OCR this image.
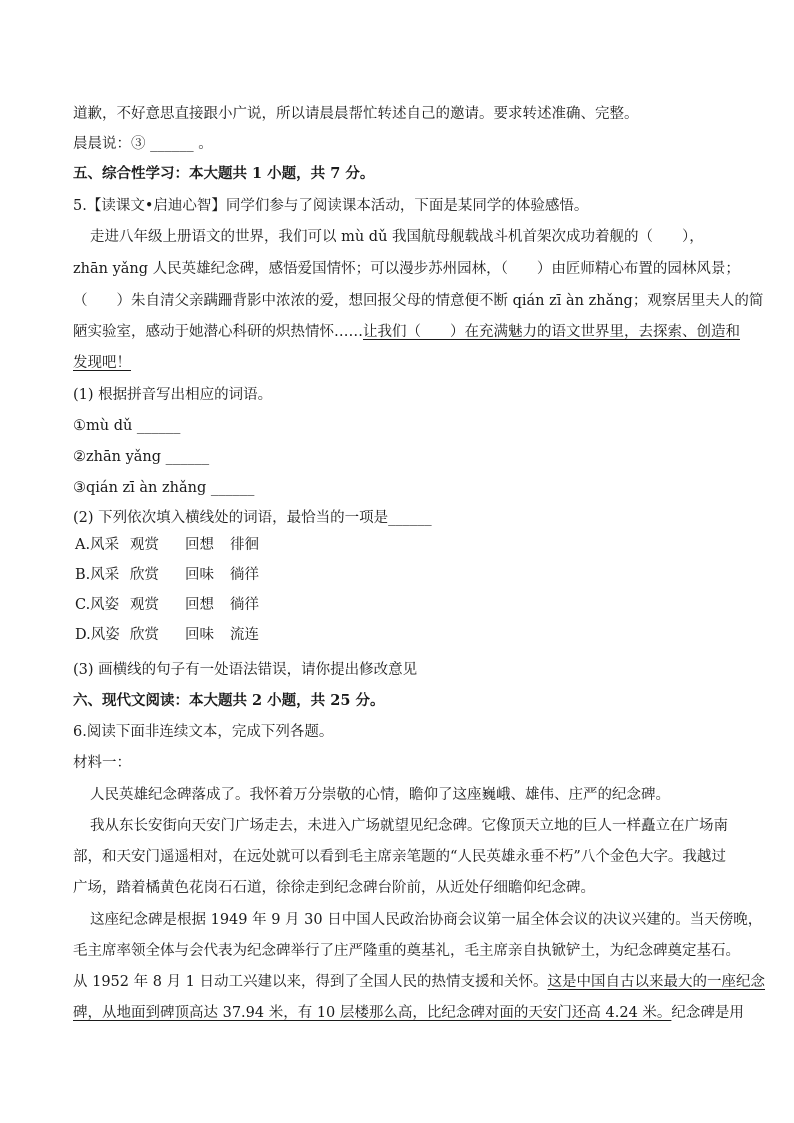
道歉，不好意思直接跟小广说，所以请晨晨帮忙转述自己的邀请。要求转述准确、完整。
晨晨说：③ ______ 。
五、综合性学习：本大题共 1 小题，共 7 分。
5.【读课文•启迪心智】同学们参与了阅读课本活动，下面是某同学的体验感悟。
走进八年级上册语文的世界，我们可以 mù dǔ 我国航母舰载战斗机首架次成功着舰的（　　），
zhān yǎng 人民英雄纪念碑，感悟爱国情怀；可以漫步苏州园林，（　　）由匠师精心布置的园林风景；
（　　）朱自清父亲蹒跚背影中浓浓的爱，想回报父母的情意便不断 qián zī àn zhǎng；观察居里夫人的简
陋实验室，感动于她潜心科研的炽热情怀……让我们（　　）在充满魅力的语文世界里，去探索、创造和
发现吧！
(1) 根据拼音写出相应的词语。
①mù dǔ ______
②zhān yǎng ______
③qián zī àn zhǎng ______
(2) 下列依次填入横线处的词语，最恰当的一项是______
A.风采 观赏 回想 徘徊
B.风采 欣赏 回味 徜徉
C.风姿 观赏 回想 徜徉
D.风姿 欣赏 回味 流连
(3) 画横线的句子有一处语法错误，请你提出修改意见
六、现代文阅读：本大题共 2 小题，共 25 分。
6.阅读下面非连续文本，完成下列各题。
材料一：
人民英雄纪念碑落成了。我怀着万分崇敬的心情，瞻仰了这座巍峨、雄伟、庄严的纪念碑。
我从东长安街向天安门广场走去，未进入广场就望见纪念碑。它像顶天立地的巨人一样矗立在广场南
部，和天安门遥遥相对，在远处就可以看到毛主席亲笔题的“人民英雄永垂不朽”八个金色大字。我越过
广场，踏着橘黄色花岗石石道，徐徐走到纪念碑台阶前，从近处仔细瞻仰纪念碑。
这座纪念碑是根据 1949 年 9 月 30 日中国人民政治协商会议第一届全体会议的决议兴建的。当天傍晚，
毛主席率领全体与会代表为纪念碑举行了庄严隆重的奠基礼，毛主席亲自执锨铲土，为纪念碑奠定基石。
从 1952 年 8 月 1 日动工兴建以来，得到了全国人民的热情支援和关怀。这是中国自古以来最大的一座纪念
碑，从地面到碑顶高达 37.94 米，有 10 层楼那么高，比纪念碑对面的天安门还高 4.24 米。纪念碑是用
